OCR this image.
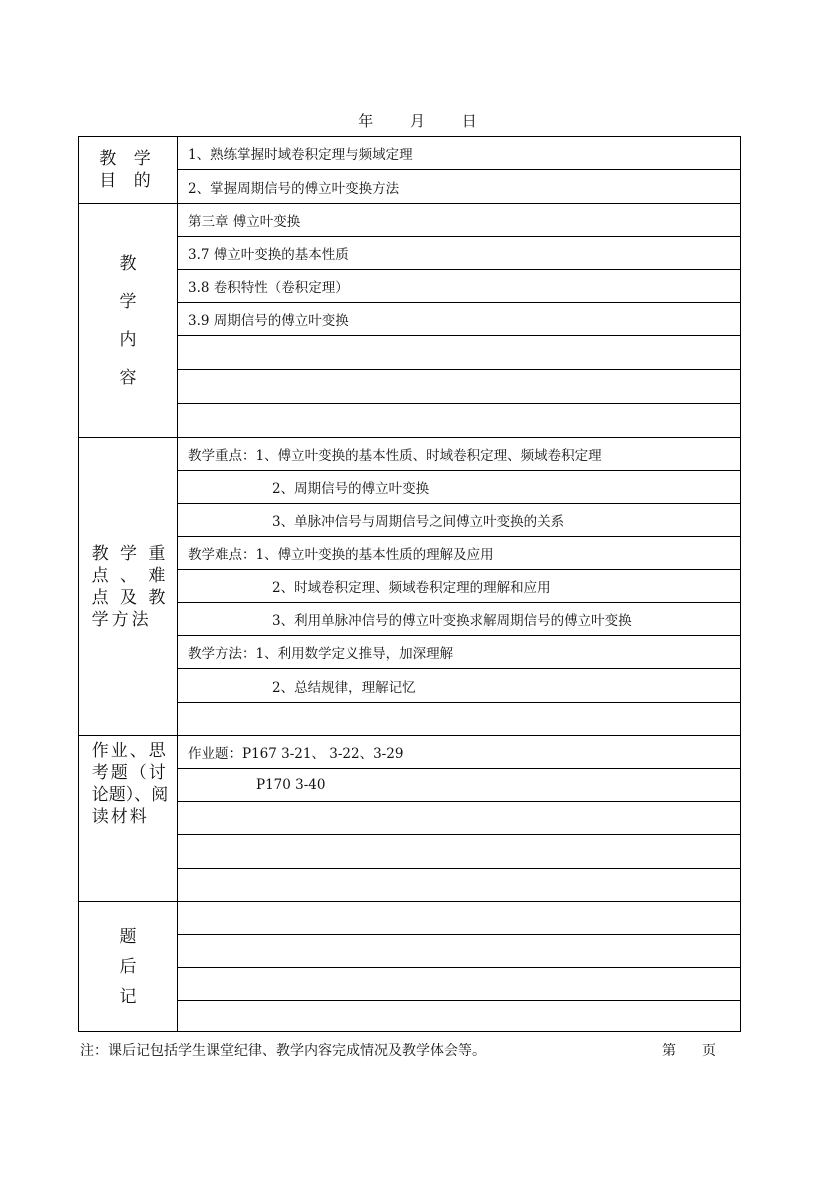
年 月 日
教 学
目 的
1、熟练掌握时域卷积定理与频域定理
2、掌握周期信号的傅立叶变换方法
教
学
内
容
第三章 傅立叶变换
3.7 傅立叶变换的基本性质
3.8 卷积特性（卷积定理）
3.9 周期信号的傅立叶变换
教 学 重
点 、 难
点 及 教
学方法
教学重点：1、傅立叶变换的基本性质、时域卷积定理、频域卷积定理
2、周期信号的傅立叶变换
3、单脉冲信号与周期信号之间傅立叶变换的关系
教学难点：1、傅立叶变换的基本性质的理解及应用
2、时域卷积定理、频域卷积定理的理解和应用
3、利用单脉冲信号的傅立叶变换求解周期信号的傅立叶变换
教学方法：1、利用数学定义推导，加深理解
2、总结规律，理解记忆
作业、思
考题（讨
论题）、阅
读材料
作业题：P167 3-21、 3-22、3-29
P170 3-40
题
后
记
注：课后记包括学生课堂纪律、教学内容完成情况及教学体会等。	第 页
